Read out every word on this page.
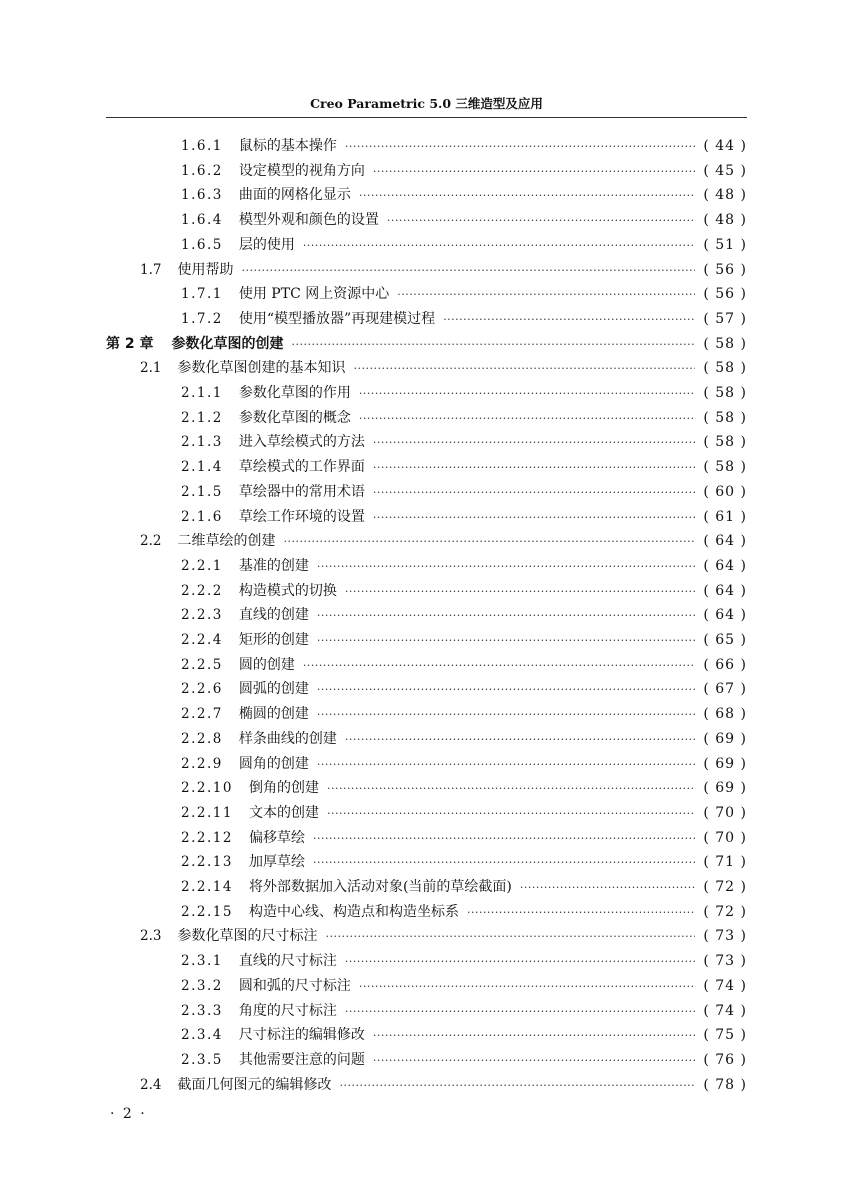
Creo Parametric 5.0 三维造型及应用
1.6.1 鼠标的基本操作 ·····	( 44 )
1.6.2 设定模型的视角方向 ·····	( 45 )
1.6.3 曲面的网格化显示 ·····	( 48 )
1.6.4 模型外观和颜色的设置 ·····	( 48 )
1.6.5 层的使用 ·····	( 51 )
1.7 使用帮助 ·····	( 56 )
1.7.1 使用 PTC 网上资源中心 ·····	( 56 )
1.7.2 使用“模型播放器”再现建模过程 ·····	( 57 )
第 2 章 参数化草图的创建 ·····	( 58 )
2.1 参数化草图创建的基本知识 ·····	( 58 )
2.1.1 参数化草图的作用 ·····	( 58 )
2.1.2 参数化草图的概念 ·····	( 58 )
2.1.3 进入草绘模式的方法 ·····	( 58 )
2.1.4 草绘模式的工作界面 ·····	( 58 )
2.1.5 草绘器中的常用术语 ·····	( 60 )
2.1.6 草绘工作环境的设置 ·····	( 61 )
2.2 二维草绘的创建 ·····	( 64 )
2.2.1 基准的创建 ·····	( 64 )
2.2.2 构造模式的切换 ·····	( 64 )
2.2.3 直线的创建 ·····	( 64 )
2.2.4 矩形的创建 ·····	( 65 )
2.2.5 圆的创建 ·····	( 66 )
2.2.6 圆弧的创建 ·····	( 67 )
2.2.7 椭圆的创建 ·····	( 68 )
2.2.8 样条曲线的创建 ·····	( 69 )
2.2.9 圆角的创建 ·····	( 69 )
2.2.10 倒角的创建 ·····	( 69 )
2.2.11 文本的创建 ·····	( 70 )
2.2.12 偏移草绘 ·····	( 70 )
2.2.13 加厚草绘 ·····	( 71 )
2.2.14 将外部数据加入活动对象(当前的草绘截面) ·····	( 72 )
2.2.15 构造中心线、构造点和构造坐标系 ·····	( 72 )
2.3 参数化草图的尺寸标注 ·····	( 73 )
2.3.1 直线的尺寸标注 ·····	( 73 )
2.3.2 圆和弧的尺寸标注 ·····	( 74 )
2.3.3 角度的尺寸标注 ·····	( 74 )
2.3.4 尺寸标注的编辑修改 ·····	( 75 )
2.3.5 其他需要注意的问题 ·····	( 76 )
2.4 截面几何图元的编辑修改 ·····	( 78 )
· 2 ·
